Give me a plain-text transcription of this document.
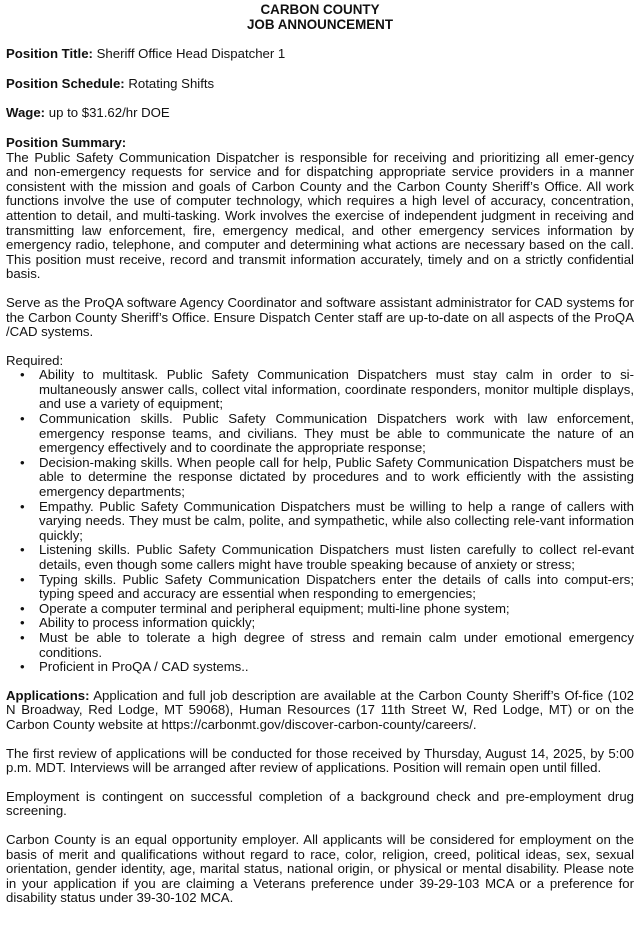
CARBON COUNTY
JOB ANNOUNCEMENT
Position Title: Sheriff Office Head Dispatcher 1
Position Schedule: Rotating Shifts
Wage: up to $31.62/hr DOE
Position Summary:

The Public Safety Communication Dispatcher is responsible for receiving and prioritizing all emer-gency and non-emergency requests for service and for dispatching appropriate service providers in a manner consistent with the mission and goals of Carbon County and the Carbon County Sheriff’s Office. All work functions involve the use of computer technology, which requires a high level of accuracy, concentration, attention to detail, and multi-tasking. Work involves the exercise of independent judgment in receiving and transmitting law enforcement, fire, emergency medical, and other emergency services information by emergency radio, telephone, and computer and determining what actions are necessary based on the call. This position must receive, record and transmit information accurately, timely and on a strictly confidential basis.

Serve as the ProQA software Agency Coordinator and software assistant administrator for CAD systems for the Carbon County Sheriff’s Office. Ensure Dispatch Center staff are up-to-date on all aspects of the ProQA /CAD systems.

Required:
• Ability to multitask. Public Safety Communication Dispatchers must stay calm in order to si-multaneously answer calls, collect vital information, coordinate responders, monitor multiple displays, and use a variety of equipment;
• Communication skills. Public Safety Communication Dispatchers work with law enforcement, emergency response teams, and civilians. They must be able to communicate the nature of an emergency effectively and to coordinate the appropriate response;
• Decision-making skills. When people call for help, Public Safety Communication Dispatchers must be able to determine the response dictated by procedures and to work efficiently with the assisting emergency departments;
• Empathy. Public Safety Communication Dispatchers must be willing to help a range of callers with varying needs. They must be calm, polite, and sympathetic, while also collecting rele-vant information quickly;
• Listening skills. Public Safety Communication Dispatchers must listen carefully to collect rel-evant details, even though some callers might have trouble speaking because of anxiety or stress;
• Typing skills. Public Safety Communication Dispatchers enter the details of calls into comput-ers; typing speed and accuracy are essential when responding to emergencies;
• Operate a computer terminal and peripheral equipment; multi-line phone system;
• Ability to process information quickly;
• Must be able to tolerate a high degree of stress and remain calm under emotional emergency conditions.
• Proficient in ProQA / CAD systems..

Applications: Application and full job description are available at the Carbon County Sheriff’s Of-fice (102 N Broadway, Red Lodge, MT 59068), Human Resources (17 11th Street W, Red Lodge, MT) or on the Carbon County website at https://carbonmt.gov/discover-carbon-county/careers/.

The first review of applications will be conducted for those received by Thursday, August 14, 2025, by 5:00 p.m. MDT. Interviews will be arranged after review of applications. Position will remain open until filled.

Employment is contingent on successful completion of a background check and pre-employment drug screening.

Carbon County is an equal opportunity employer. All applicants will be considered for employment on the basis of merit and qualifications without regard to race, color, religion, creed, political ideas, sex, sexual orientation, gender identity, age, marital status, national origin, or physical or mental disability. Please note in your application if you are claiming a Veterans preference under 39-29-103 MCA or a preference for disability status under 39-30-102 MCA.
